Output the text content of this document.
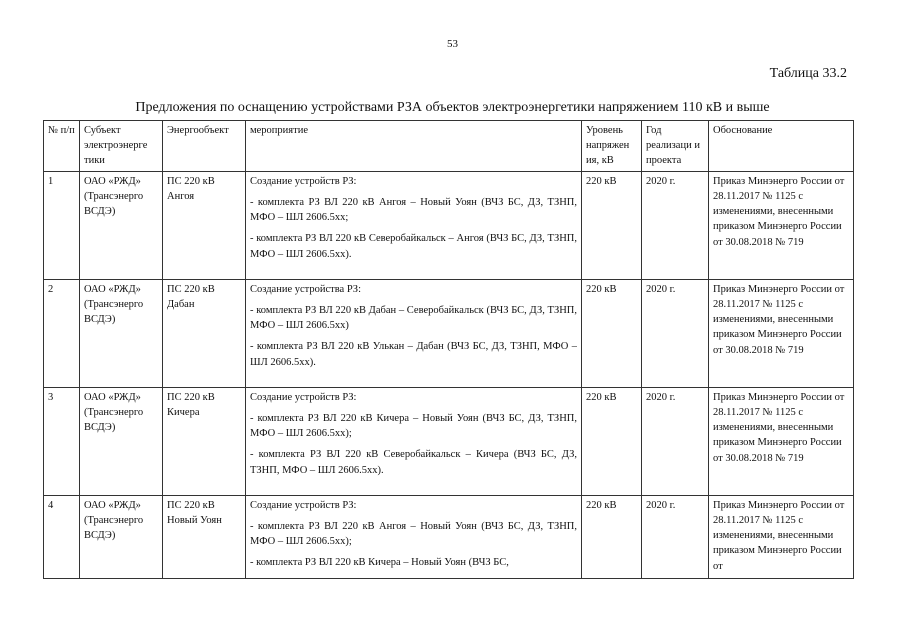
53
Таблица 33.2
Предложения по оснащению устройствами РЗА объектов электроэнергетики напряжением 110 кВ и выше
№ п/п	Субъект электроэнерге тики	Энергообъект	мероприятие	Уровень напряжен ия, кВ	Год реализаци и проекта	Обоснование
1	ОАО «РЖД» (Трансэнерго ВСДЭ)	ПС 220 кВ Ангоя	Создание устройств РЗ:
- комплекта РЗ ВЛ 220 кВ Ангоя – Новый Уоян (ВЧЗ БС, ДЗ, ТЗНП, МФО – ШЛ 2606.5хх;
- комплекта РЗ ВЛ 220 кВ Северобайкальск – Ангоя (ВЧЗ БС, ДЗ, ТЗНП, МФО – ШЛ 2606.5хх).	220 кВ	2020 г.	Приказ Минэнерго России от 28.11.2017 № 1125 с изменениями, внесенными приказом Минэнерго России от 30.08.2018 № 719

2	ОАО «РЖД» (Трансэнерго ВСДЭ)	ПС 220 кВ Дабан	Создание устройства РЗ:
- комплекта РЗ ВЛ 220 кВ Дабан – Северобайкальск (ВЧЗ БС, ДЗ, ТЗНП, МФО – ШЛ 2606.5хх)
- комплекта РЗ ВЛ 220 кВ Улькан – Дабан (ВЧЗ БС, ДЗ, ТЗНП, МФО – ШЛ 2606.5хх).	220 кВ	2020 г.	Приказ Минэнерго России от 28.11.2017 № 1125 с изменениями, внесенными приказом Минэнерго России от 30.08.2018 № 719

3	ОАО «РЖД» (Трансэнерго ВСДЭ)	ПС 220 кВ Кичера	Создание устройств РЗ:
- комплекта РЗ ВЛ 220 кВ Кичера – Новый Уоян (ВЧЗ БС, ДЗ, ТЗНП, МФО – ШЛ 2606.5хх);
- комплекта РЗ ВЛ 220 кВ Северобайкальск – Кичера (ВЧЗ БС, ДЗ, ТЗНП, МФО – ШЛ 2606.5хх).	220 кВ	2020 г.	Приказ Минэнерго России от 28.11.2017 № 1125 с изменениями, внесенными приказом Минэнерго России от 30.08.2018 № 719

4	ОАО «РЖД» (Трансэнерго ВСДЭ)	ПС 220 кВ Новый Уоян	Создание устройств РЗ:
- комплекта РЗ ВЛ 220 кВ Ангоя – Новый Уоян (ВЧЗ БС, ДЗ, ТЗНП, МФО – ШЛ 2606.5хх);
- комплекта РЗ ВЛ 220 кВ Кичера – Новый Уоян (ВЧЗ БС,	220 кВ	2020 г.	Приказ Минэнерго России от 28.11.2017 № 1125 с изменениями, внесенными приказом Минэнерго России от
